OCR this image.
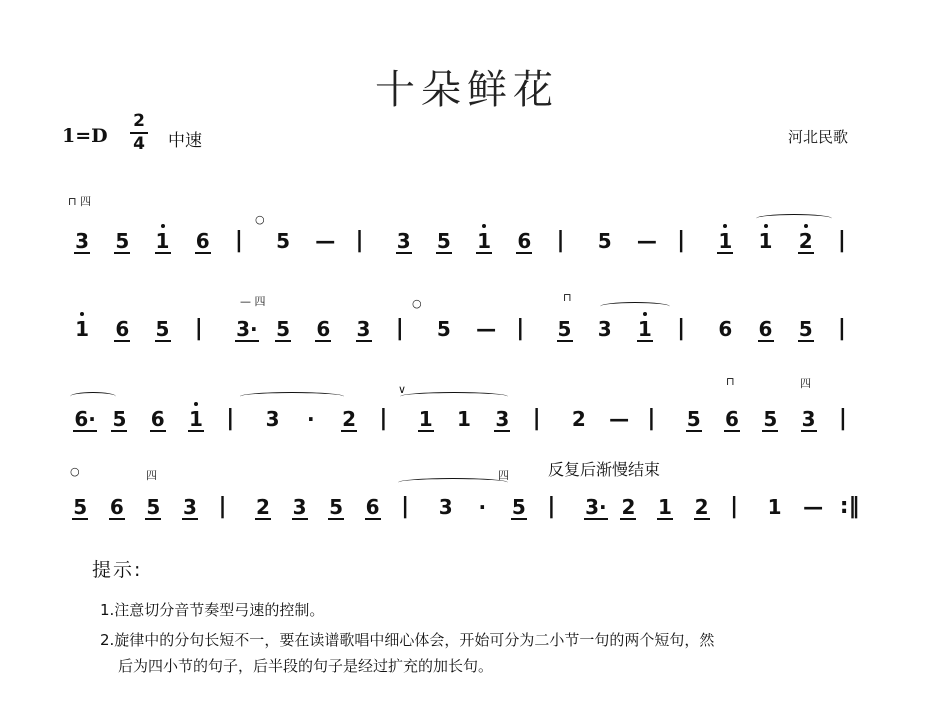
十朵鲜花
1=D
2
4 中速	河北民歌
3 5 1 6 | 5 — | 3 5 1 6 | 5 — | 1 1 2 |
1 6 5 | 3· 5 6 3 | 5 — | 5 3 1 | 6 6 5 |
6· 5 6 1 | 3 · 2 | 1 1 3 | 2 — | 5 6 5 3 |
5 6 5 3 | 2 3 5 6 | 3 · 5 | 3· 2 1 2 | 1 — :‖
反复后渐慢结束
提示:
1.注意切分音节奏型弓速的控制。
2.旋律中的分句长短不一，要在读谱歌唱中细心体会，开始可分为二小节一句的两个短句，然
后为四小节的句子，后半段的句子是经过扩充的加长句。
⊓ 四
○
○	⊓
— 四
∨
⊓	四
○	四	四
